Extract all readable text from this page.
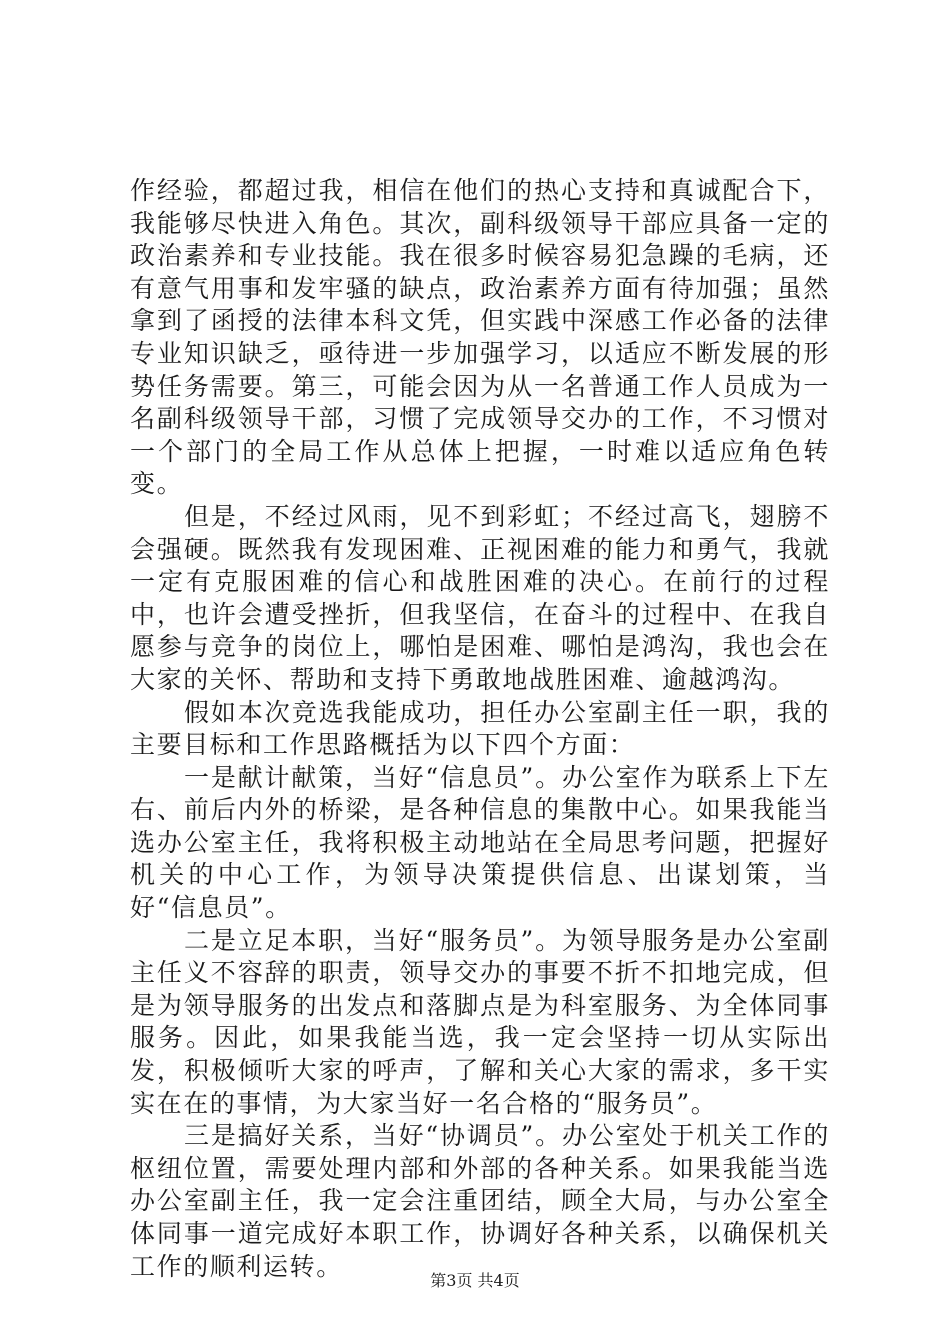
作经验，都超过我，相信在他们的热心支持和真诚配合下，我能够尽快进入角色。其次，副科级领导干部应具备一定的政治素养和专业技能。我在很多时候容易犯急躁的毛病，还有意气用事和发牢骚的缺点，政治素养方面有待加强；虽然拿到了函授的法律本科文凭，但实践中深感工作必备的法律专业知识缺乏，亟待进一步加强学习，以适应不断发展的形势任务需要。第三，可能会因为从一名普通工作人员成为一名副科级领导干部，习惯了完成领导交办的工作，不习惯对一个部门的全局工作从总体上把握，一时难以适应角色转变。

但是，不经过风雨，见不到彩虹；不经过高飞，翅膀不会强硬。既然我有发现困难、正视困难的能力和勇气，我就一定有克服困难的信心和战胜困难的决心。在前行的过程中，也许会遭受挫折，但我坚信，在奋斗的过程中、在我自愿参与竞争的岗位上，哪怕是困难、哪怕是鸿沟，我也会在大家的关怀、帮助和支持下勇敢地战胜困难、逾越鸿沟。

假如本次竞选我能成功，担任办公室副主任一职，我的主要目标和工作思路概括为以下四个方面：

一是献计献策，当好“信息员”。办公室作为联系上下左右、前后内外的桥梁，是各种信息的集散中心。如果我能当选办公室主任，我将积极主动地站在全局思考问题，把握好机关的中心工作，为领导决策提供信息、出谋划策，当好“信息员”。

二是立足本职，当好“服务员”。为领导服务是办公室副主任义不容辞的职责，领导交办的事要不折不扣地完成，但是为领导服务的出发点和落脚点是为科室服务、为全体同事服务。因此，如果我能当选，我一定会坚持一切从实际出发，积极倾听大家的呼声，了解和关心大家的需求，多干实实在在的事情，为大家当好一名合格的“服务员”。

三是搞好关系，当好“协调员”。办公室处于机关工作的枢纽位置，需要处理内部和外部的各种关系。如果我能当选办公室副主任，我一定会注重团结，顾全大局，与办公室全体同事一道完成好本职工作，协调好各种关系，以确保机关工作的顺利运转。	第3页 共4页
